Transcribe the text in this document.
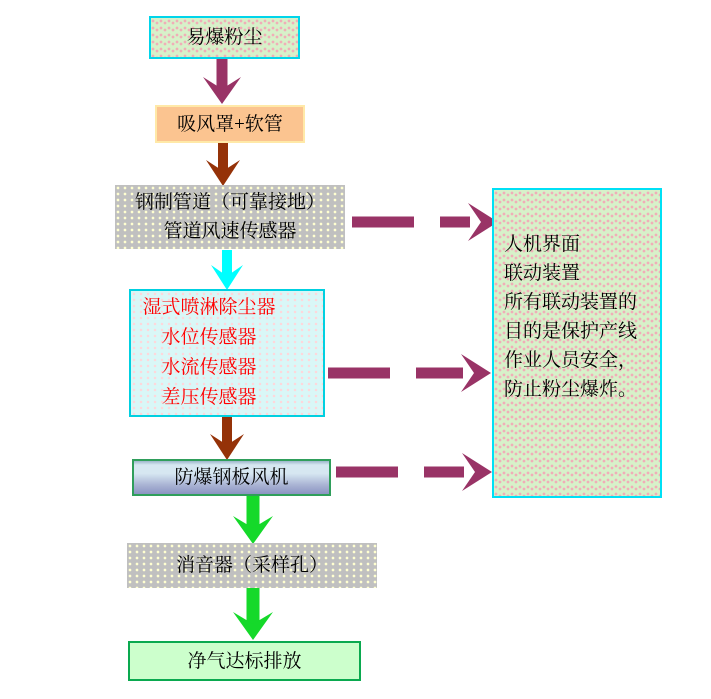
易爆粉尘
吸风罩+软管
钢制管道（可靠接地）
管道风速传感器
湿式喷淋除尘器
水位传感器
水流传感器
差压传感器
防爆钢板风机
消音器（采样孔）
净气达标排放
人机界面
联动装置
所有联动装置的
目的是保护产线
作业人员安全，
防止粉尘爆炸。
